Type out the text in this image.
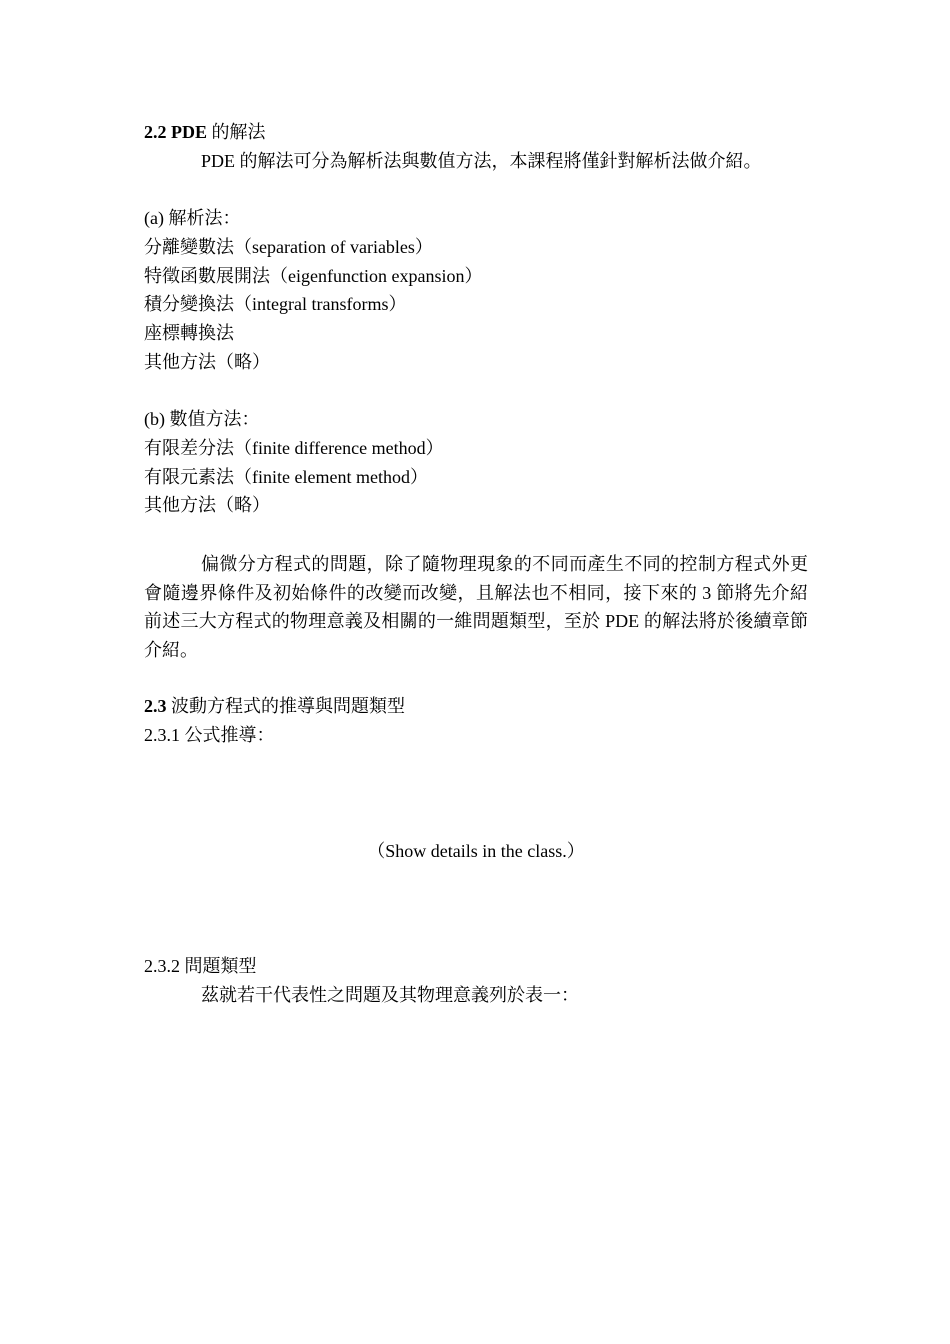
2.2 PDE 的解法
PDE 的解法可分為解析法與數值方法，本課程將僅針對解析法做介紹。
(a) 解析法：
分離變數法（separation of variables）
特徵函數展開法（eigenfunction expansion）
積分變換法（integral transforms）
座標轉換法
其他方法（略）
(b) 數值方法：
有限差分法（finite difference method）
有限元素法（finite element method）
其他方法（略）
偏微分方程式的問題，除了隨物理現象的不同而產生不同的控制方程式外更會隨邊界條件及初始條件的改變而改變，且解法也不相同，接下來的 3 節將先介紹前述三大方程式的物理意義及相關的一維問題類型，至於 PDE 的解法將於後續章節介紹。
2.3 波動方程式的推導與問題類型
2.3.1 公式推導：
（Show details in the class.）
2.3.2 問題類型
茲就若干代表性之問題及其物理意義列於表一：
